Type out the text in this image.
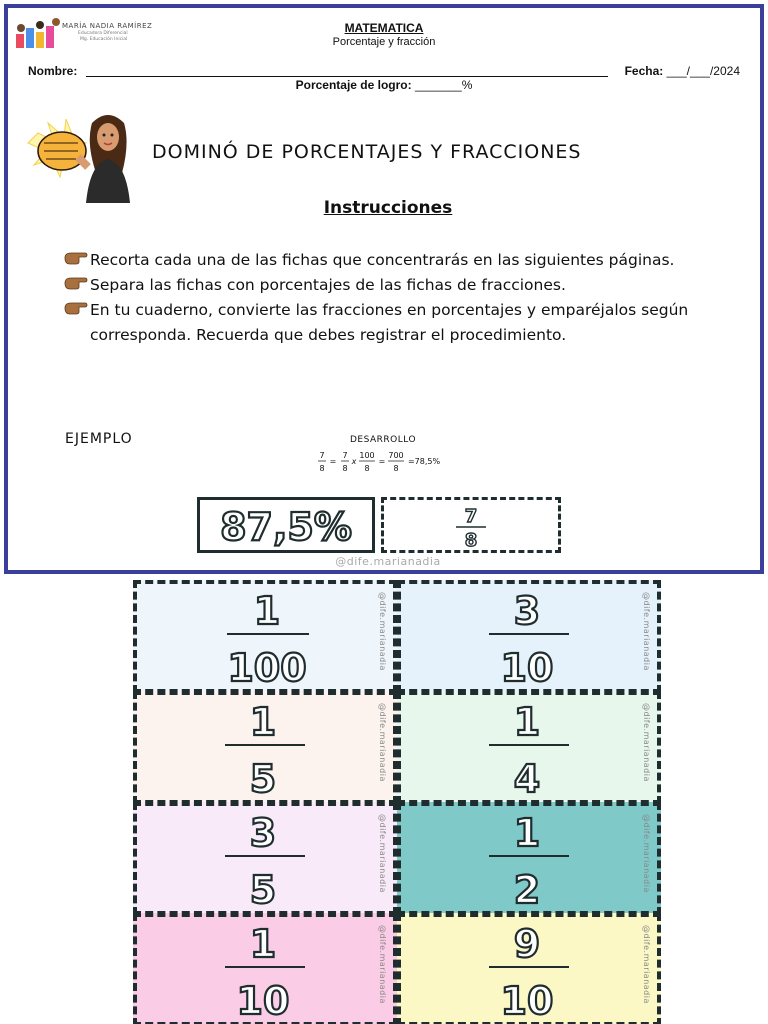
MARÍA NADIA RAMÍREZ
Educadora Diferencial
Mg. Educación Inicial
MATEMATICA
Porcentaje y fracción
Nombre:	Fecha: ___/___/2024
Porcentaje de logro: _______%
DOMINÓ DE PORCENTAJES Y FRACCIONES
Instrucciones
Recorta cada una de las fichas que concentrarás en las siguientes páginas.
Separa las fichas con porcentajes de las fichas de fracciones.
En tu cuaderno, convierte las fracciones en porcentajes y emparéjalos según corresponda. Recuerda que debes registrar el procedimiento.
EJEMPLO	DESARROLLO
7
8
=
7
8
x
100
8
=
700
8
=78,5%
87,5%	7
8
@dife.marianadia
1
100	@dife.marianadia	3
10	@dife.marianadia
1
5	@dife.marianadia	1
4	@dife.marianadia
3
5	@dife.marianadia	1
2	@dife.marianadia
1
10	@dife.marianadia	9
10	@dife.marianadia
